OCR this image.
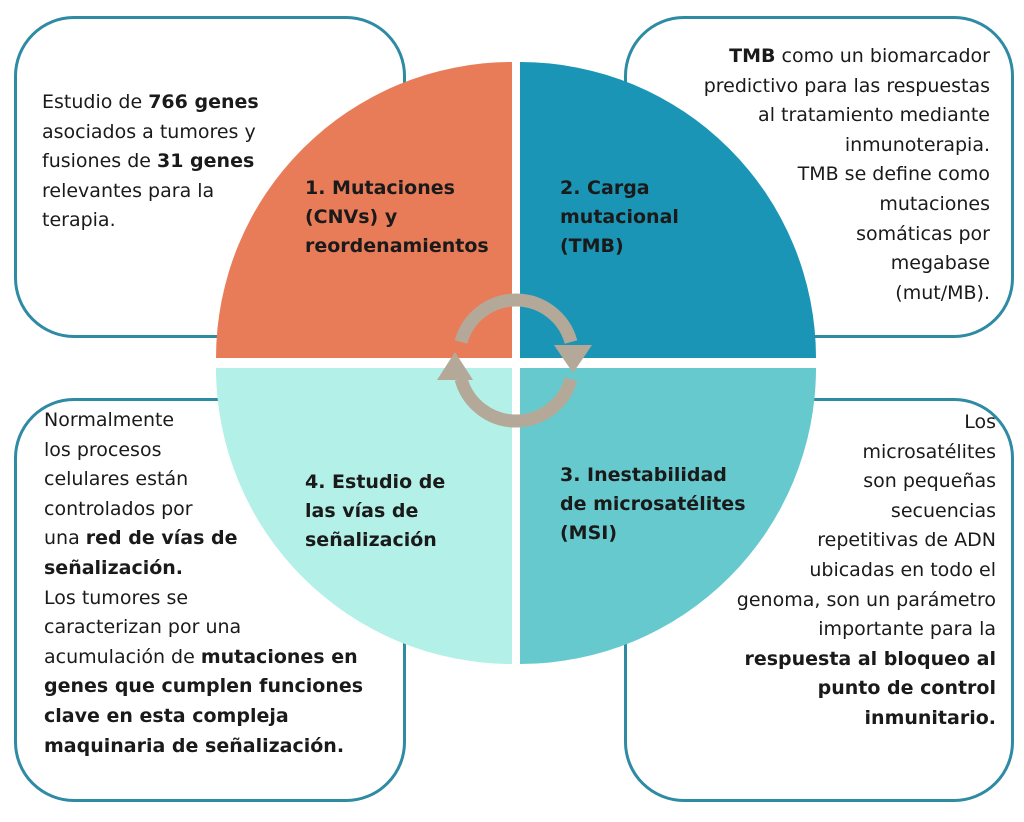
1. Mutaciones
(CNVs) y
reordenamientos
2. Carga
mutacional
(TMB)
3. Inestabilidad
de microsatélites
(MSI)
4. Estudio de
las vías de
señalización
Estudio de 766 genes
asociados a tumores y
fusiones de 31 genes
relevantes para la
terapia.
TMB como un biomarcador
predictivo para las respuestas
al tratamiento mediante
inmunoterapia.
TMB se define como
mutaciones
somáticas por
megabase
(mut/MB).
Normalmente
los procesos
celulares están
controlados por
una red de vías de
señalización.
Los tumores se
caracterizan por una
acumulación de mutaciones en
genes que cumplen funciones
clave en esta compleja
maquinaria de señalización.
Los
microsatélites
son pequeñas
secuencias
repetitivas de ADN
ubicadas en todo el
genoma, son un parámetro
importante para la
respuesta al bloqueo al
punto de control
inmunitario.
